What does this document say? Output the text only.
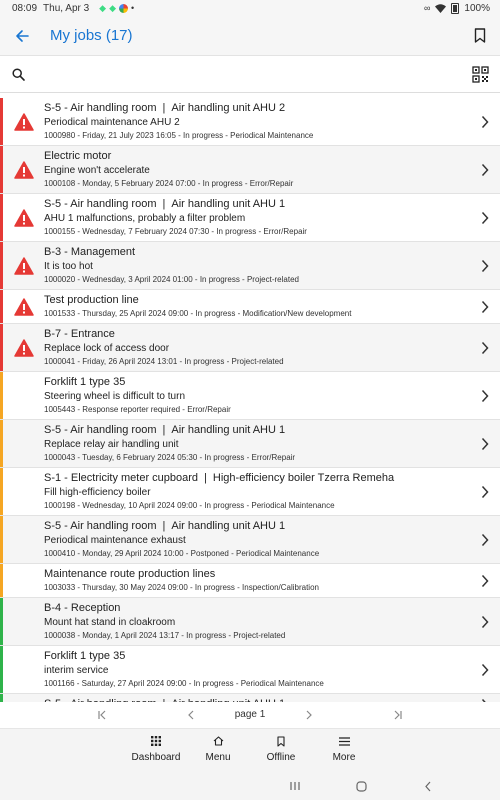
08:09 Thu, Apr 3 ◆ ◆ •	∞	100%
My jobs (17)
S-5 - Air handling room | Air handling unit AHU 2
Periodical maintenance AHU 2
1000980 - Friday, 21 July 2023 16:05 - In progress - Periodical Maintenance
Electric motor
Engine won't accelerate
1000108 - Monday, 5 February 2024 07:00 - In progress - Error/Repair
S-5 - Air handling room | Air handling unit AHU 1
AHU 1 malfunctions, probably a filter problem
1000155 - Wednesday, 7 February 2024 07:30 - In progress - Error/Repair
B-3 - Management
It is too hot
1000020 - Wednesday, 3 April 2024 01:00 - In progress - Project-related
Test production line
1001533 - Thursday, 25 April 2024 09:00 - In progress - Modification/New development
B-7 - Entrance
Replace lock of access door
1000041 - Friday, 26 April 2024 13:01 - In progress - Project-related
Forklift 1 type 35
Steering wheel is difficult to turn
1005443 - Response reporter required - Error/Repair
S-5 - Air handling room | Air handling unit AHU 1
Replace relay air handling unit
1000043 - Tuesday, 6 February 2024 05:30 - In progress - Error/Repair
S-1 - Electricity meter cupboard | High-efficiency boiler Tzerra Remeha
Fill high-efficiency boiler
1000198 - Wednesday, 10 April 2024 09:00 - In progress - Periodical Maintenance
S-5 - Air handling room | Air handling unit AHU 1
Periodical maintenance exhaust
1000410 - Monday, 29 April 2024 10:00 - Postponed - Periodical Maintenance
Maintenance route production lines
1003033 - Thursday, 30 May 2024 09:00 - In progress - Inspection/Calibration
B-4 - Reception
Mount hat stand in cloakroom
1000038 - Monday, 1 April 2024 13:17 - In progress - Project-related
Forklift 1 type 35
interim service
1001166 - Saturday, 27 April 2024 09:00 - In progress - Periodical Maintenance
page 1
Dashboard	Menu	Offline	More
